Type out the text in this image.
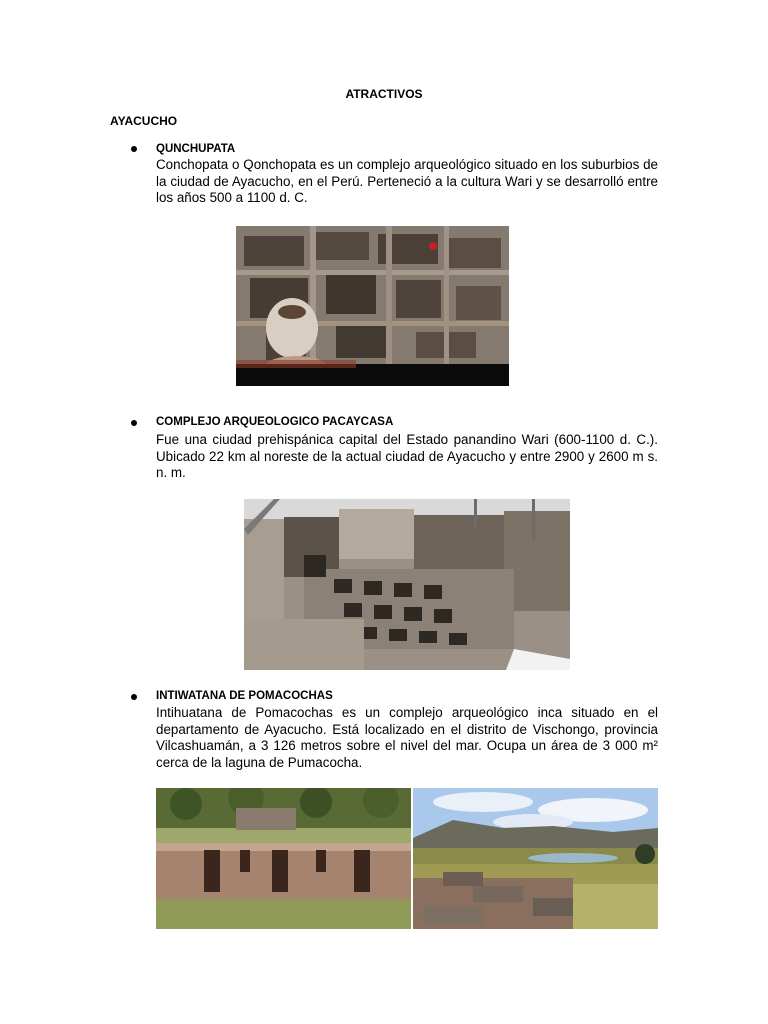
ATRACTIVOS
AYACUCHO
QUNCHUPATA

Conchopata o Qonchopata es un complejo arqueológico situado en los suburbios de la ciudad de Ayacucho, en el Perú. Perteneció a la cultura Wari y se desarrolló entre los años 500 a 1100 d. C.

COMPLEJO ARQUEOLOGICO PACAYCASA

Fue una ciudad prehispánica capital del Estado panandino Wari (600-1100 d. C.). Ubicado 22 km al noreste de la actual ciudad de Ayacucho y entre 2900 y 2600 m s. n. m.

INTIWATANA DE POMACOCHAS

Intihuatana de Pomacochas es un complejo arqueológico inca situado en el departamento de Ayacucho. Está localizado en el distrito de Vischongo, provincia Vilcashuamán, a 3 126 metros sobre el nivel del mar. Ocupa un área de 3 000 m² cerca de la laguna de Pumacocha.
